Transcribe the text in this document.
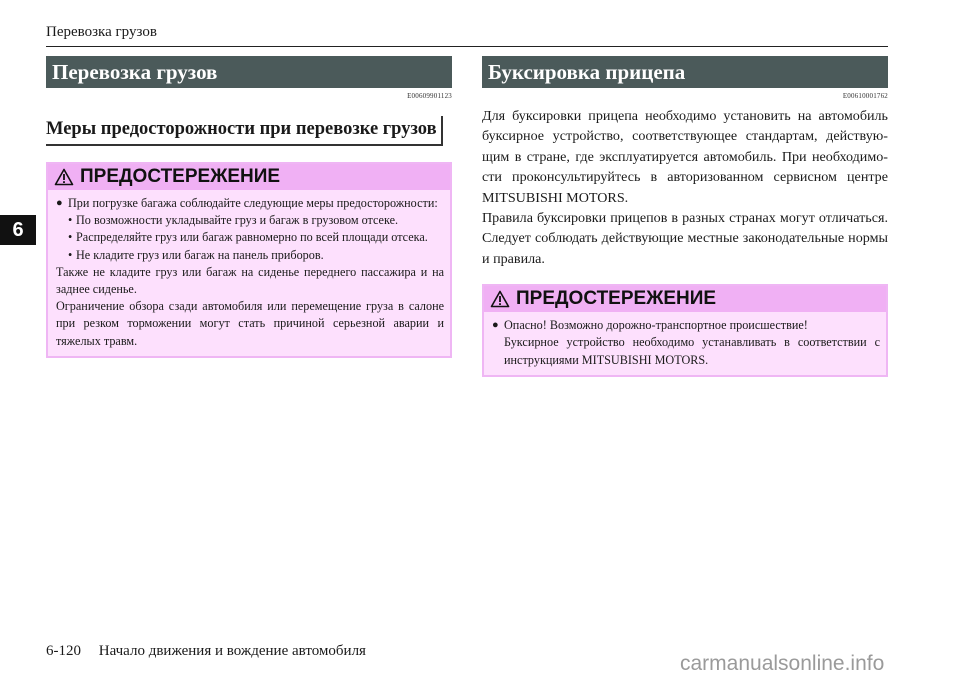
Перевозка грузов
6
Перевозка грузов
E00609901123
Меры предосторожности при перевозке грузов
ПРЕДОСТЕРЕЖЕНИЕ
● При погрузке багажа соблюдайте следующие меры предосторожности:

• По возможности укладывайте груз и багаж в грузовом отсеке.

• Распределяйте груз или багаж равномерно по всей площади отсека.

• Не кладите груз или багаж на панель приборов.

Также не кладите груз или багаж на сиденье переднего пассажира и на заднее сиденье.

Ограничение обзора сзади автомобиля или перемещение груза в салоне при резком торможении могут стать причиной серьезной аварии и тяжелых травм.

Буксировка прицепа
E00610001762

Для буксировки прицепа необходимо установить на автомобиль буксирное устройство, соответствующее стандартам, действующим в стране, где эксплуатируется автомобиль. При необходимости проконсультируйтесь в авторизованном сервисном центре MITSUBISHI MOTORS.

Правила буксировки прицепов в разных странах могут отличаться. Следует соблюдать действующие местные законодательные нормы и правила.

ПРЕДОСТЕРЕЖЕНИЕ
● Опасно! Возможно дорожно-транспортное происшествие!

Буксирное устройство необходимо устанавливать в соответствии с инструкциями MITSUBISHI MOTORS.

6-120 Начало движения и вождение автомобиля
carmanualsonline.info
